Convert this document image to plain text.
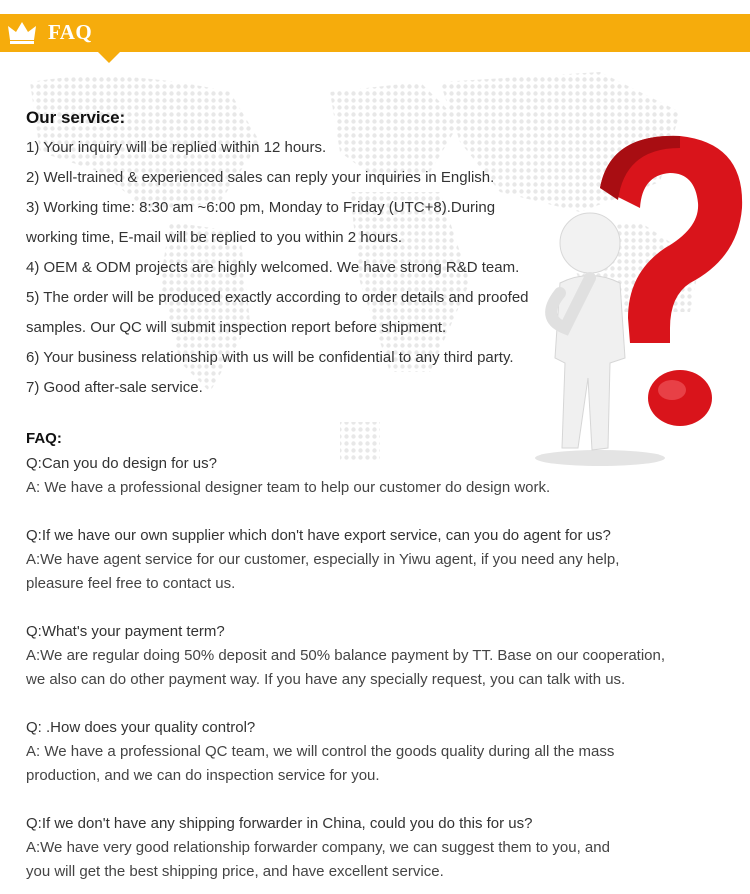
FAQ
Our service:
1) Your inquiry will be replied within 12 hours.
2) Well-trained & experienced sales can reply your inquiries in English.
3) Working time: 8:30 am ~6:00 pm, Monday to Friday (UTC+8).During
working time, E-mail will be replied to you within 2 hours.
4) OEM & ODM projects are highly welcomed. We have strong R&D team.
5) The order will be produced exactly according to order details and proofed
samples. Our QC will submit inspection report before shipment.
6) Your business relationship with us will be confidential to any third party.
7) Good after-sale service.
FAQ:
Q:Can you do design for us?
A: We have a professional designer team to help our customer do design work.
Q:If we have our own supplier which don't have export service, can you do agent for us?
A:We have agent service for our customer, especially in Yiwu agent, if you need any help,
pleasure feel free to contact us.
Q:What's your payment term?
A:We are regular doing 50% deposit and 50% balance payment by TT. Base on our cooperation,
we also can do other payment way. If you have any specially request, you can talk with us.
Q: .How does your quality control?
A: We have a professional QC team, we will control the goods quality during all the mass
production, and we can do inspection service for you.
Q:If we don't have any shipping forwarder in China, could you do this for us?
A:We have very good relationship forwarder company, we can suggest them to you, and
you will get the best shipping price, and have excellent service.
